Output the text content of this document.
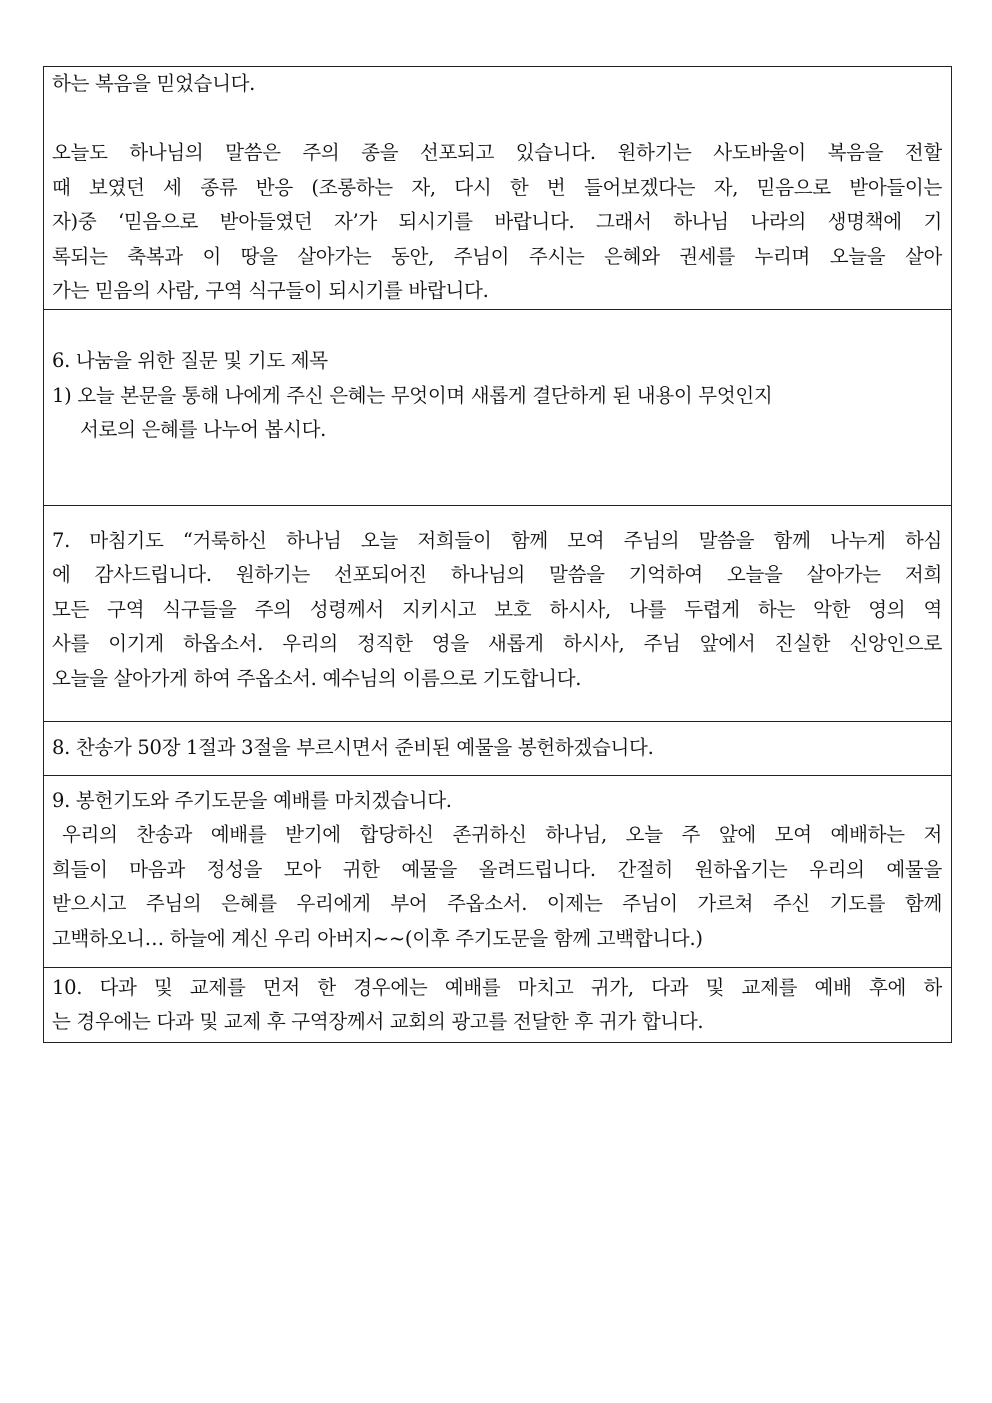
하는 복음을 믿었습니다.
오늘도 하나님의 말씀은 주의 종을 선포되고 있습니다. 원하기는 사도바울이 복음을 전할
때 보였던 세 종류 반응 (조롱하는 자, 다시 한 번 들어보겠다는 자, 믿음으로 받아들이는
자)중 ‘믿음으로 받아들였던 자’가 되시기를 바랍니다. 그래서 하나님 나라의 생명책에 기
록되는 축복과 이 땅을 살아가는 동안, 주님이 주시는 은혜와 권세를 누리며 오늘을 살아
가는 믿음의 사람, 구역 식구들이 되시기를 바랍니다.

6. 나눔을 위한 질문 및 기도 제목
1) 오늘 본문을 통해 나에게 주신 은혜는 무엇이며 새롭게 결단하게 된 내용이 무엇인지
서로의 은혜를 나누어 봅시다.

7. 마침기도 “거룩하신 하나님 오늘 저희들이 함께 모여 주님의 말씀을 함께 나누게 하심
에 감사드립니다. 원하기는 선포되어진 하나님의 말씀을 기억하여 오늘을 살아가는 저희
모든 구역 식구들을 주의 성령께서 지키시고 보호 하시사, 나를 두렵게 하는 악한 영의 역
사를 이기게 하옵소서. 우리의 정직한 영을 새롭게 하시사, 주님 앞에서 진실한 신앙인으로
오늘을 살아가게 하여 주옵소서. 예수님의 이름으로 기도합니다.

8. 찬송가 50장 1절과 3절을 부르시면서 준비된 예물을 봉헌하겠습니다.

9. 봉헌기도와 주기도문을 예배를 마치겠습니다.
우리의 찬송과 예배를 받기에 합당하신 존귀하신 하나님, 오늘 주 앞에 모여 예배하는 저
희들이 마음과 정성을 모아 귀한 예물을 올려드립니다. 간절히 원하옵기는 우리의 예물을
받으시고 주님의 은혜를 우리에게 부어 주옵소서. 이제는 주님이 가르쳐 주신 기도를 함께
고백하오니… 하늘에 계신 우리 아버지~~(이후 주기도문을 함께 고백합니다.)

10. 다과 및 교제를 먼저 한 경우에는 예배를 마치고 귀가, 다과 및 교제를 예배 후에 하
는 경우에는 다과 및 교제 후 구역장께서 교회의 광고를 전달한 후 귀가 합니다.
